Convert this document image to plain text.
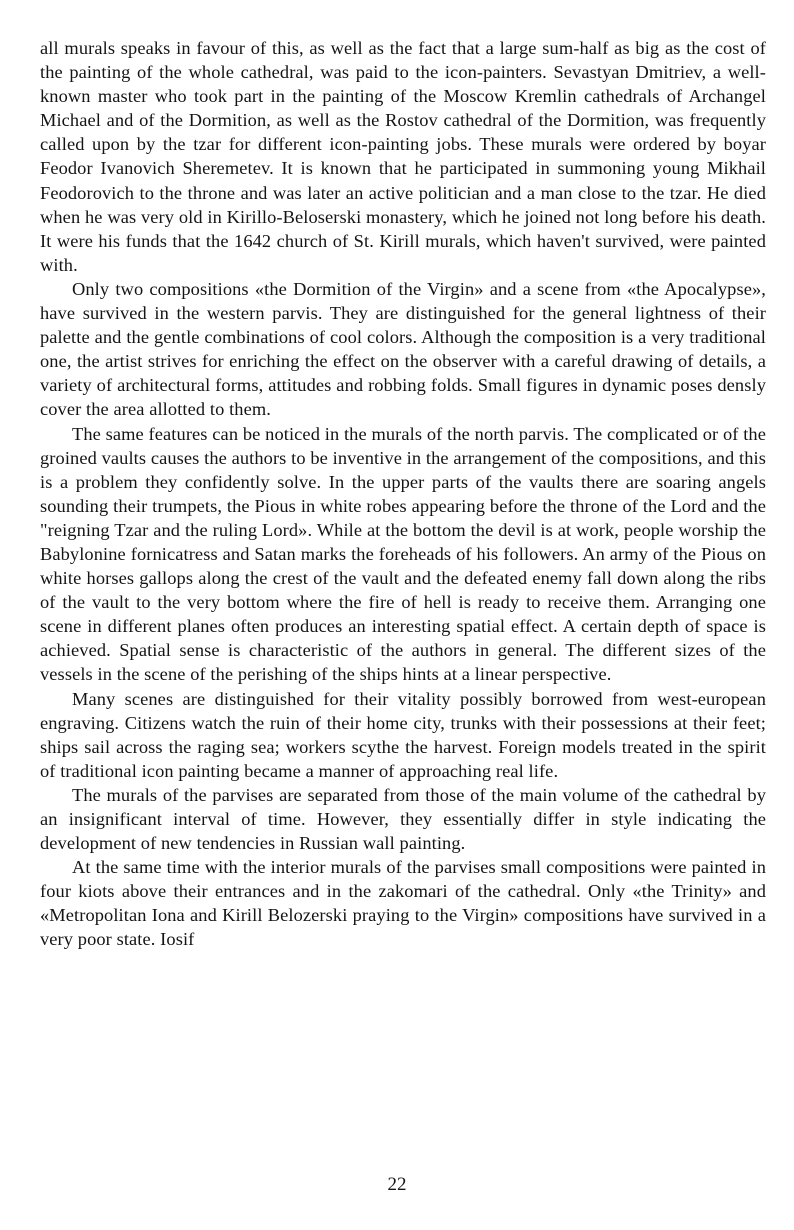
all murals speaks in favour of this, as well as the fact that a large sum-half as big as the cost of the painting of the whole cathedral, was paid to the icon-painters. Sevastyan Dmitriev, a well-known master who took part in the painting of the Moscow Kremlin cathedrals of Archangel Michael and of the Dormition, as well as the Rostov cathedral of the Dormition, was frequently called upon by the tzar for different icon-painting jobs. These murals were ordered by boyar Feodor Ivanovich Sheremetev. It is known that he participated in summoning young Mikhail Feodorovich to the throne and was later an active politician and a man close to the tzar. He died when he was very old in Kirillo-Beloserski monastery, which he joined not long before his death. It were his funds that the 1642 church of St. Kirill murals, which haven't survived, were painted with.

Only two compositions «the Dormition of the Virgin» and a scene from «the Apocalypse», have survived in the western parvis. They are distinguished for the general lightness of their palette and the gentle combinations of cool colors. Although the composition is a very traditional one, the artist strives for enriching the effect on the observer with a careful drawing of details, a variety of architectural forms, attitudes and robbing folds. Small figures in dynamic poses densly cover the area allotted to them.

The same features can be noticed in the murals of the north parvis. The complicated or of the groined vaults causes the authors to be inventive in the arrangement of the compositions, and this is a problem they confidently solve. In the upper parts of the vaults there are soaring angels sounding their trumpets, the Pious in white robes appearing before the throne of the Lord and the "reigning Tzar and the ruling Lord». While at the bottom the devil is at work, people worship the Babylonine fornicatress and Satan marks the foreheads of his followers. An army of the Pious on white horses gallops along the crest of the vault and the defeated enemy fall down along the ribs of the vault to the very bottom where the fire of hell is ready to receive them. Arranging one scene in different planes often produces an interesting spatial effect. A certain depth of space is achieved. Spatial sense is characteristic of the authors in general. The different sizes of the vessels in the scene of the perishing of the ships hints at a linear perspective.

Many scenes are distinguished for their vitality possibly borrowed from west-european engraving. Citizens watch the ruin of their home city, trunks with their possessions at their feet; ships sail across the raging sea; workers scythe the harvest. Foreign models treated in the spirit of traditional icon painting became a manner of approaching real life.

The murals of the parvises are separated from those of the main volume of the cathedral by an insignificant interval of time. However, they essentially differ in style indicating the development of new tendencies in Russian wall painting.

At the same time with the interior murals of the parvises small compositions were painted in four kiots above their entrances and in the zakomari of the cathedral. Only «the Trinity» and «Metropolitan Iona and Kirill Belozerski praying to the Virgin» compositions have survived in a very poor state. Iosif

22
